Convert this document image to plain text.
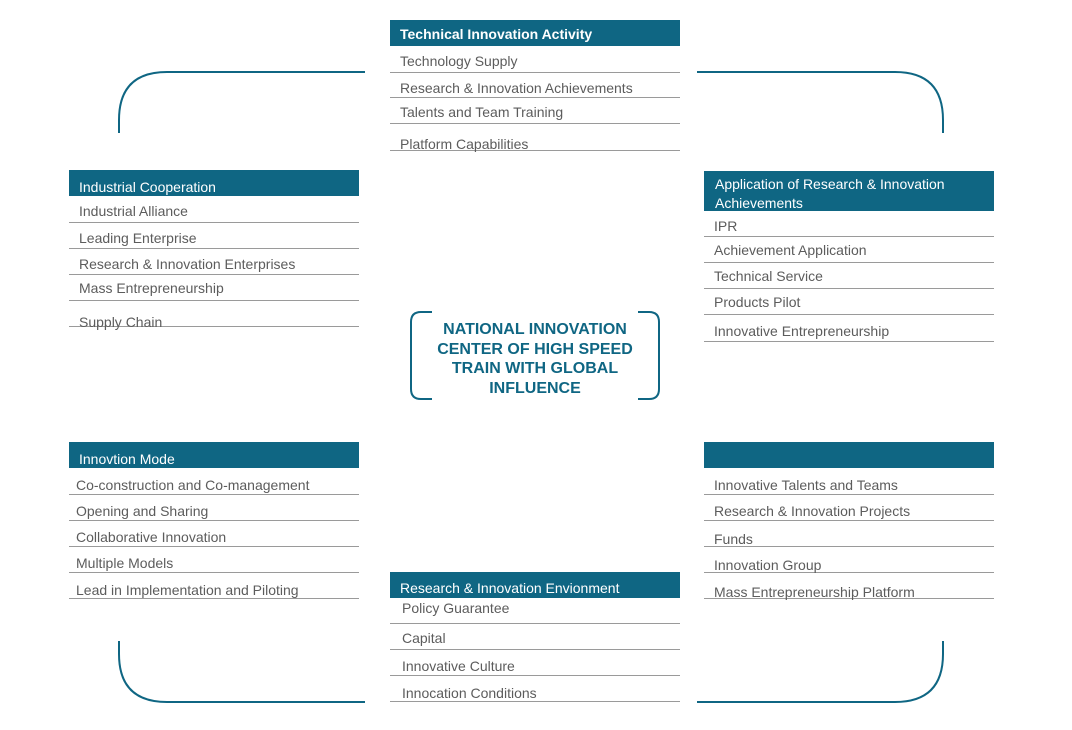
Technical Innovation Activity
Technology Supply
Research & Innovation Achievements
Talents and Team Training
Platform Capabilities
Industrial Cooperation
Industrial Alliance
Leading Enterprise
Research & Innovation Enterprises
Mass Entrepreneurship
Supply Chain
Application of Research & Innovation Achievements
IPR
Achievement Application
Technical Service
Products Pilot
Innovative Entrepreneurship
NATIONAL INNOVATION CENTER OF HIGH SPEED TRAIN WITH GLOBAL INFLUENCE
Innovtion Mode
Co-construction and Co-management
Opening and Sharing
Collaborative Innovation
Multiple Models
Lead in Implementation and Piloting
Innovative Talents and Teams
Research & Innovation Projects
Funds
Innovation Group
Mass Entrepreneurship Platform
Research & Innovation Envionment
Policy Guarantee
Capital
Innovative Culture
Innocation Conditions
